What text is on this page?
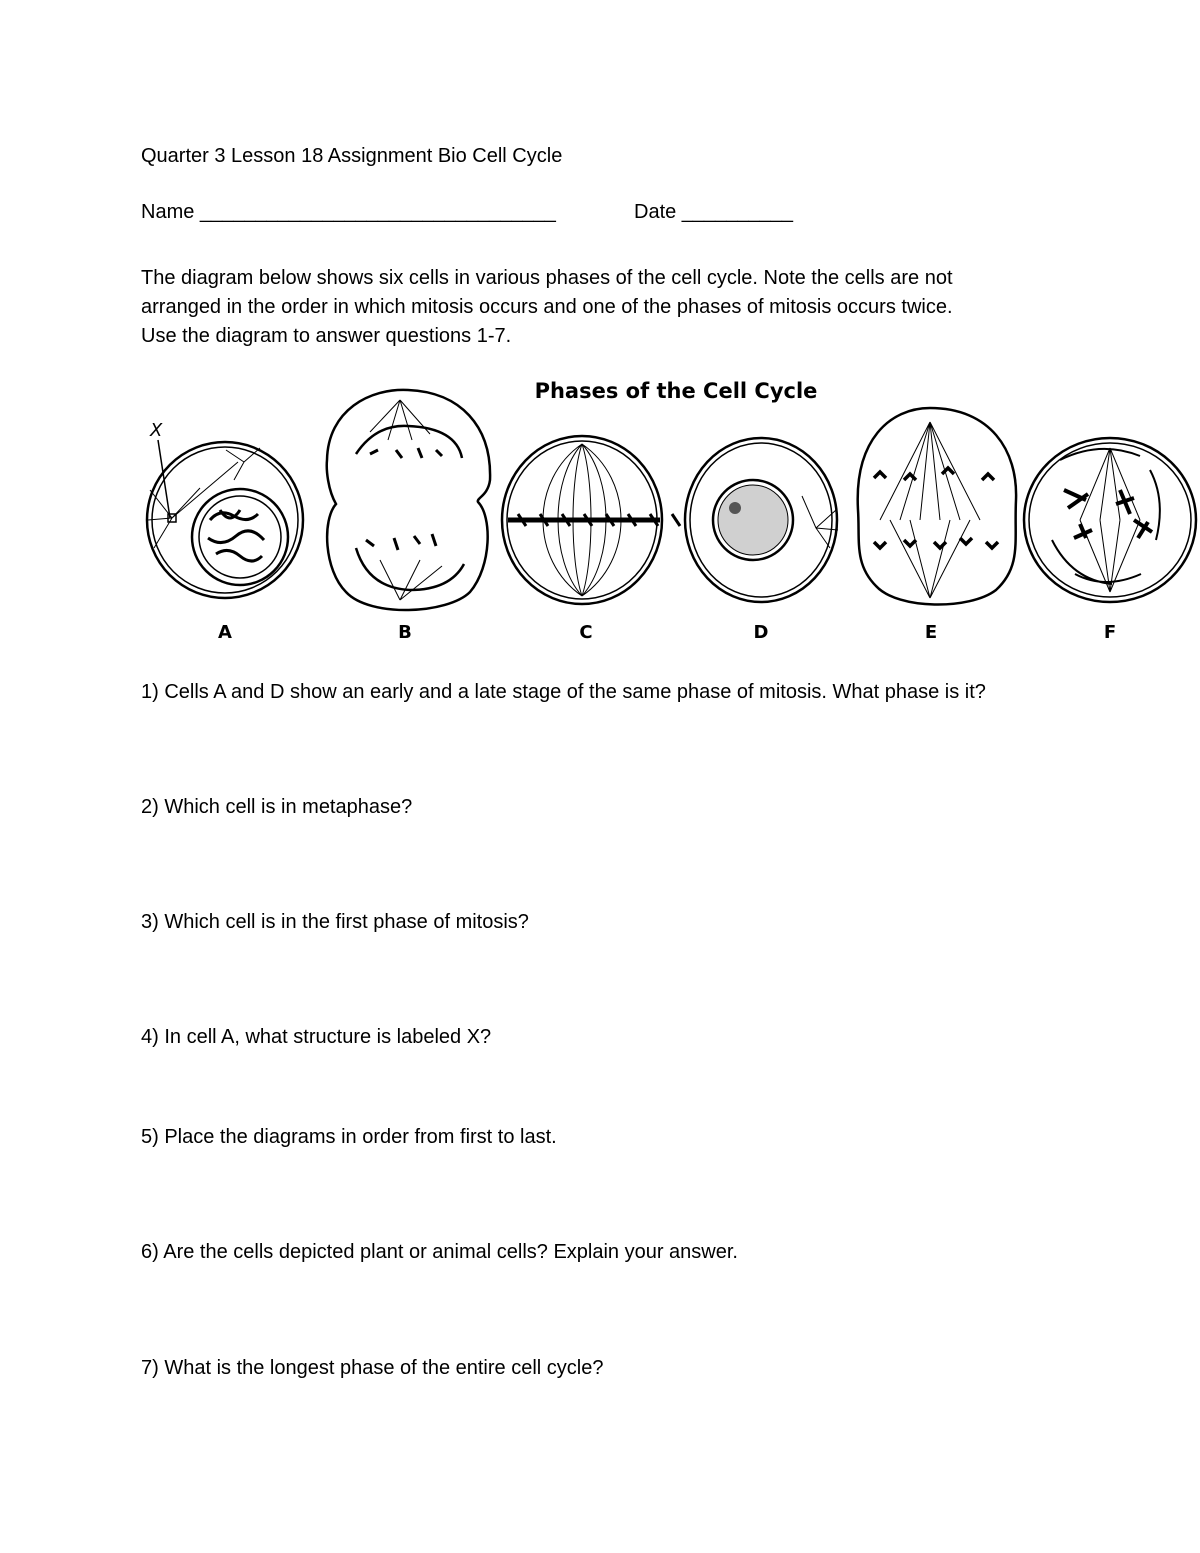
Quarter 3 Lesson 18 Assignment Bio Cell Cycle
Name ________________________________	Date __________
The diagram below shows six cells in various phases of the cell cycle. Note the cells are not
arranged in the order in which mitosis occurs and one of the phases of mitosis occurs twice.
Use the diagram to answer questions 1-7.
Phases of the Cell Cycle
X
A	B	C	D	E	F
1) Cells A and D show an early and a late stage of the same phase of mitosis. What phase is it?
2) Which cell is in metaphase?
3) Which cell is in the first phase of mitosis?
4) In cell A, what structure is labeled X?
5) Place the diagrams in order from first to last.
6) Are the cells depicted plant or animal cells? Explain your answer.
7) What is the longest phase of the entire cell cycle?
